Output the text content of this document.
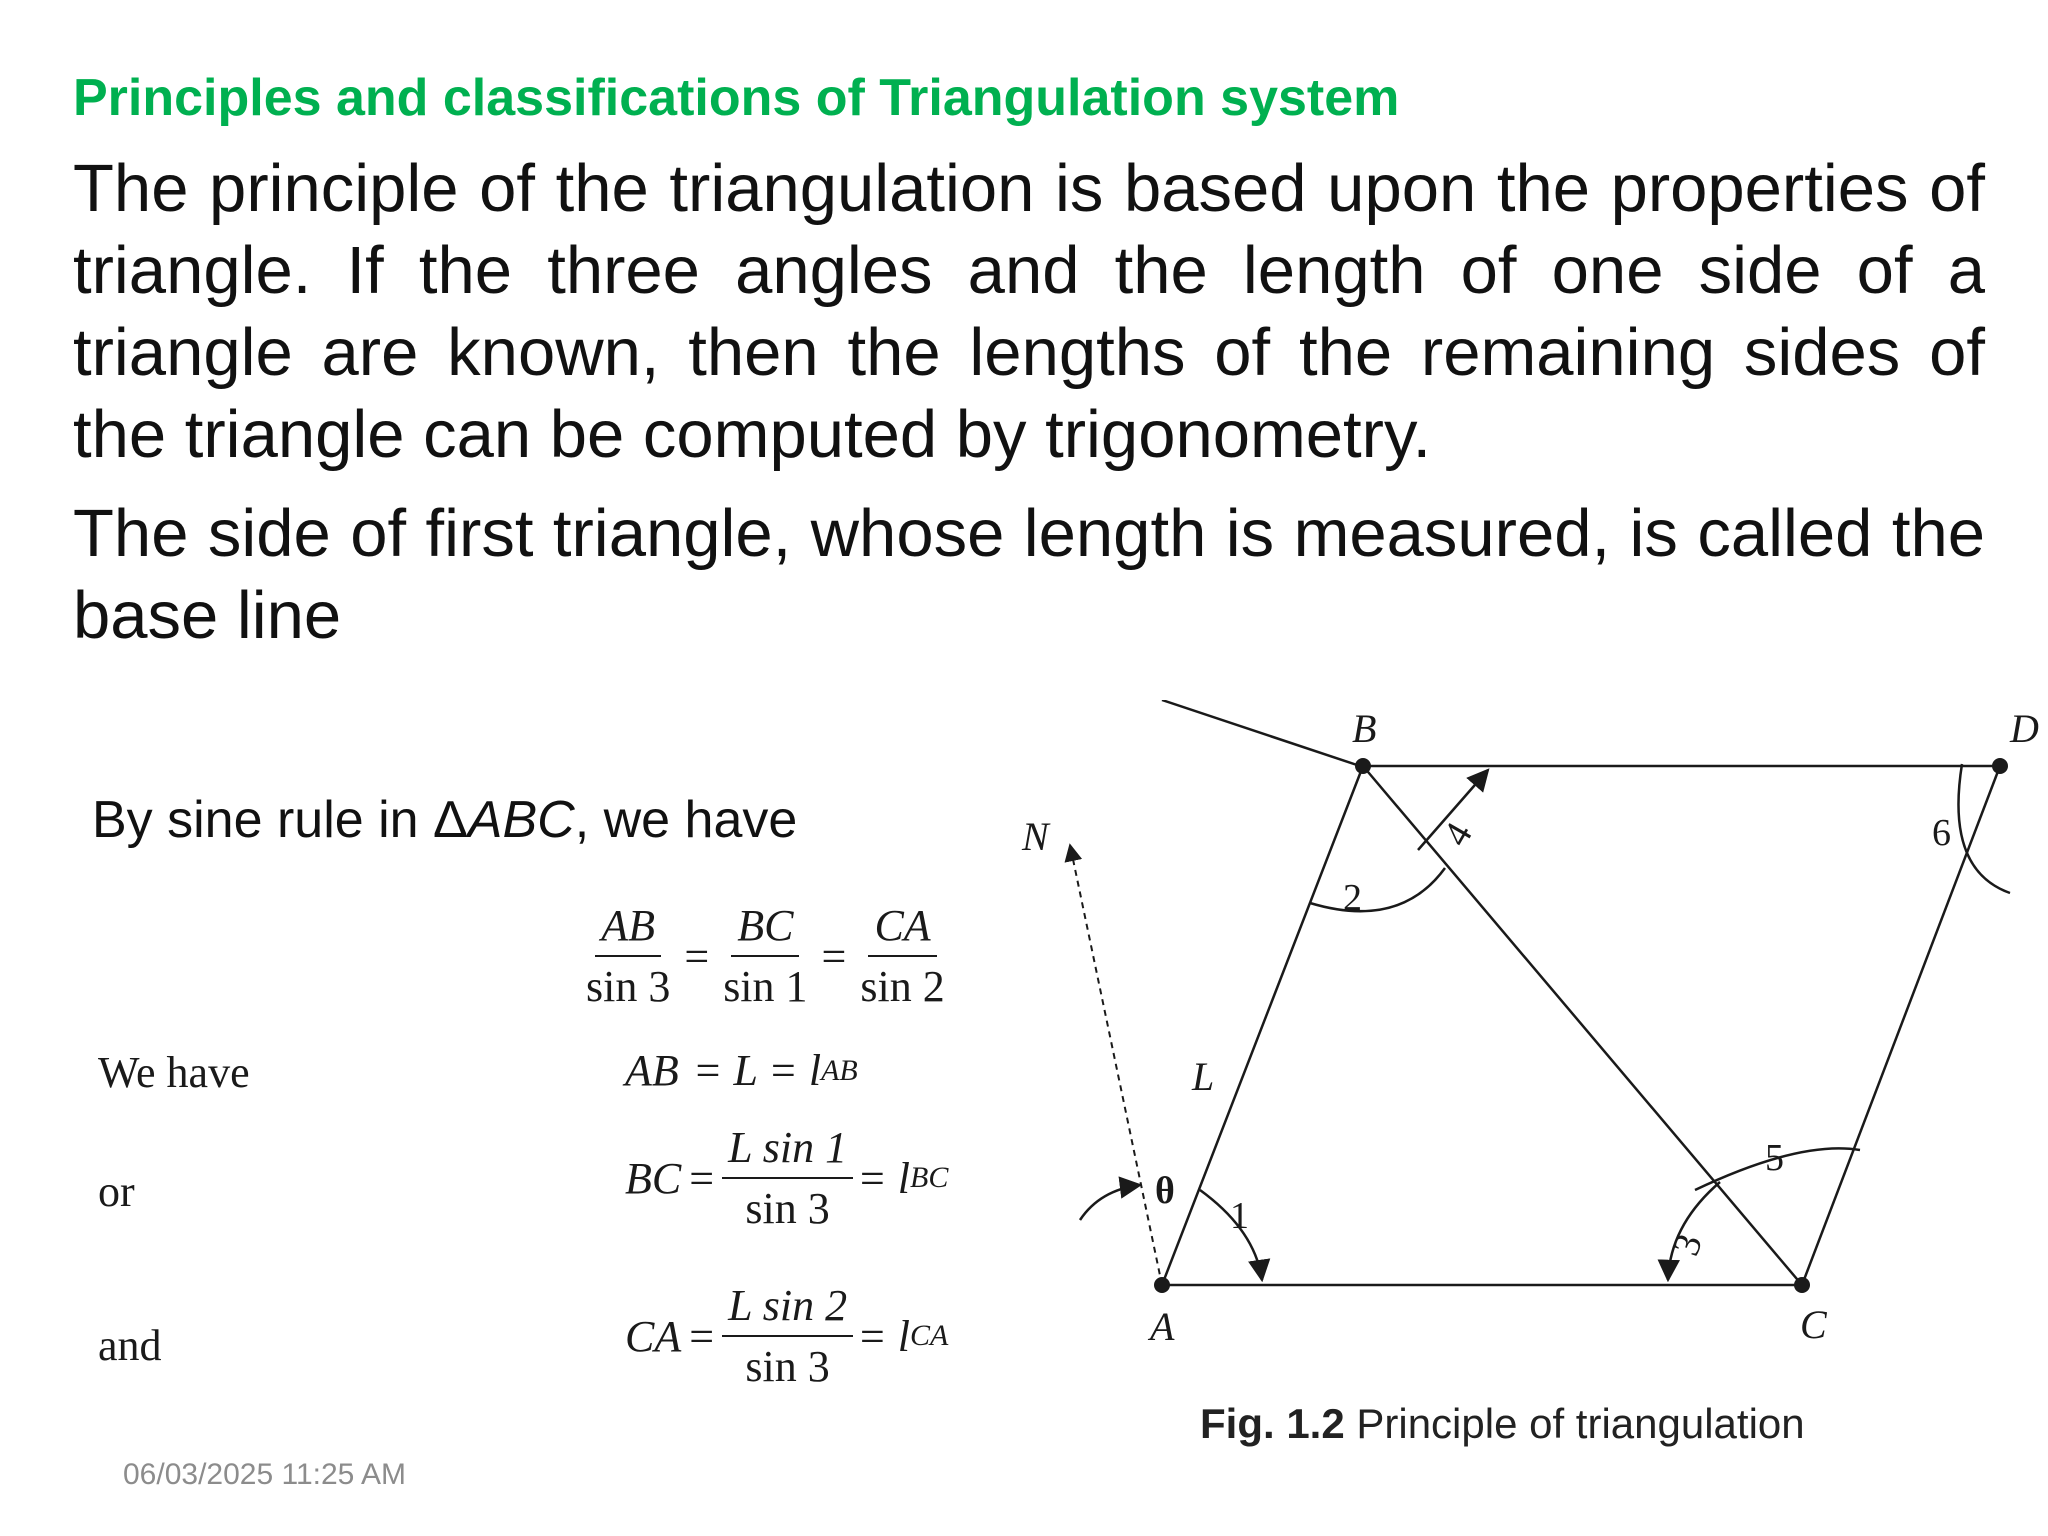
Principles and classifications of Triangulation system
The principle of the triangulation is based upon the properties of triangle. If the three angles and the length of one side of a triangle are known, then the lengths of the remaining sides of the triangle can be computed by trigonometry.
The side of first triangle, whose length is measured, is called the base line
By sine rule in ΔABC, we have
$\frac{AB}{\sin 3} = \frac{BC}{\sin 1} = \frac{CA}{\sin 2}$
We have	AB = L = l AB
or	BC = $\frac{\text{L sin 1}}{\sin 3} = l$ BC
and	CA = $\frac{\text{L sin 2}}{\sin 3} = l$ CA
B	D
A	C
N
L
θ
1
2
3
4
5
6
Fig. 1.2 Principle of triangulation
06/03/2025 11:25 AM
